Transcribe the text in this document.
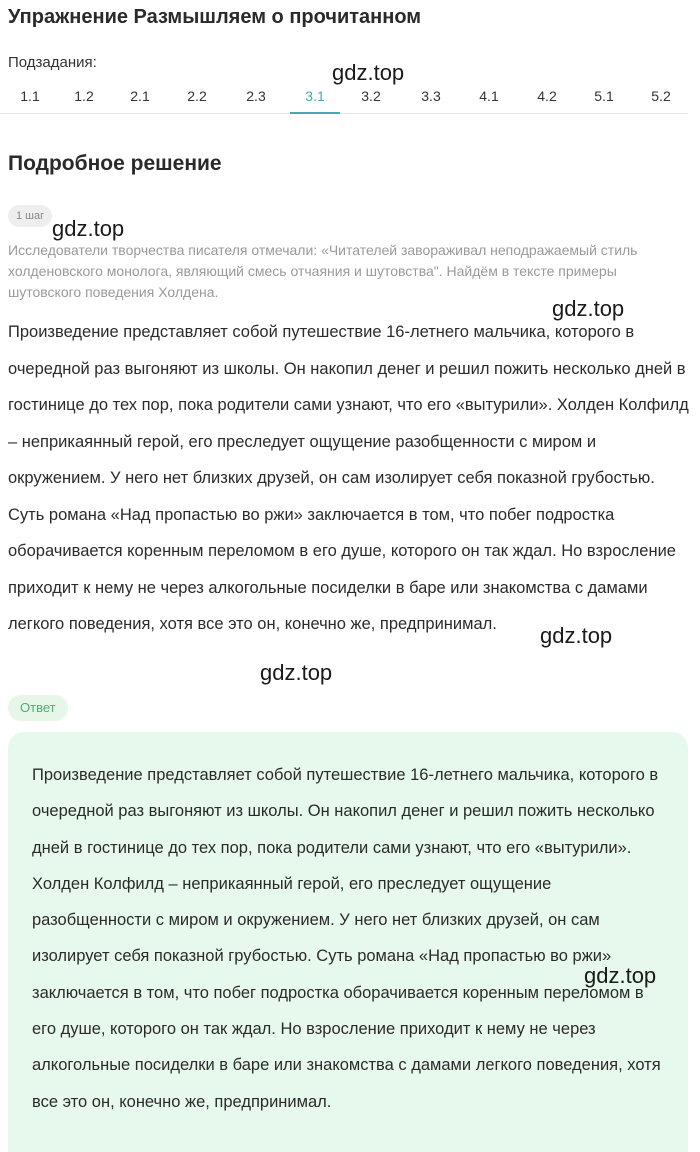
Упражнение Размышляем о прочитанном
Подзадания:
1.1	1.2	2.1	2.2	2.3	3.1	3.2	3.3	4.1	4.2	5.1	5.2
Подробное решение
1 шаг
Исследователи творчества писателя отмечали: «Читателей завораживал неподражаемый стиль холденовского монолога, являющий смесь отчаяния и шутовства". Найдём в тексте примеры шутовского поведения Холдена.
Произведение представляет собой путешествие 16-летнего мальчика, которого в очередной раз выгоняют из школы. Он накопил денег и решил пожить несколько дней в гостинице до тех пор, пока родители сами узнают, что его «вытурили». Холден Колфилд – неприкаянный герой, его преследует ощущение разобщенности с миром и окружением. У него нет близких друзей, он сам изолирует себя показной грубостью. Суть романа «Над пропастью во ржи» заключается в том, что побег подростка оборачивается коренным переломом в его душе, которого он так ждал. Но взросление приходит к нему не через алкогольные посиделки в баре или знакомства с дамами легкого поведения, хотя все это он, конечно же, предпринимал.
Ответ
Произведение представляет собой путешествие 16-летнего мальчика, которого в очередной раз выгоняют из школы. Он накопил денег и решил пожить несколько дней в гостинице до тех пор, пока родители сами узнают, что его «вытурили». Холден Колфилд – неприкаянный герой, его преследует ощущение разобщенности с миром и окружением. У него нет близких друзей, он сам изолирует себя показной грубостью. Суть романа «Над пропастью во ржи» заключается в том, что побег подростка оборачивается коренным переломом в его душе, которого он так ждал. Но взросление приходит к нему не через алкогольные посиделки в баре или знакомства с дамами легкого поведения, хотя все это он, конечно же, предпринимал.
gdz.top
gdz.top
gdz.top
gdz.top
gdz.top
gdz.top
